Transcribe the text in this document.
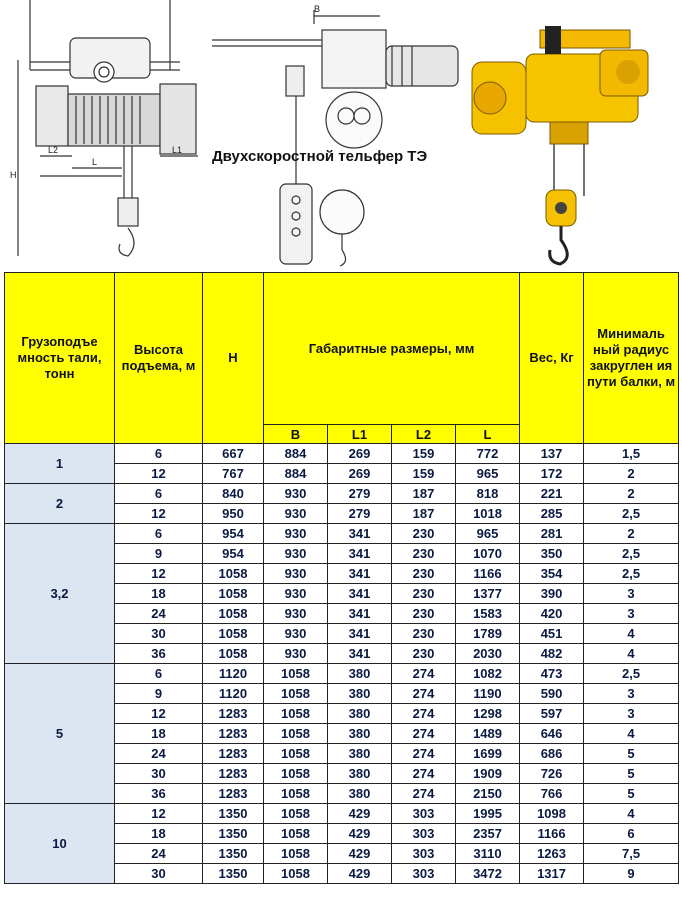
L2
L
L1
H
B
Двухскоростной тельфер ТЭ
Грузоподъе мность тали, тонн	Высота подъема, м	H	Габаритные размеры, мм				Вес, Кг	Минималь ный радиус закруглен ия пути балки, м
			B	L1	L2	L		
1	6	667	884	269	159	772	137	1,5
	12	767	884	269	159	965	172	2
2	6	840	930	279	187	818	221	2
	12	950	930	279	187	1018	285	2,5
3,2	6	954	930	341	230	965	281	2
	9	954	930	341	230	1070	350	2,5
	12	1058	930	341	230	1166	354	2,5
	18	1058	930	341	230	1377	390	3
	24	1058	930	341	230	1583	420	3
	30	1058	930	341	230	1789	451	4
	36	1058	930	341	230	2030	482	4
5	6	1120	1058	380	274	1082	473	2,5
	9	1120	1058	380	274	1190	590	3
	12	1283	1058	380	274	1298	597	3
	18	1283	1058	380	274	1489	646	4
	24	1283	1058	380	274	1699	686	5
	30	1283	1058	380	274	1909	726	5
	36	1283	1058	380	274	2150	766	5
10	12	1350	1058	429	303	1995	1098	4
	18	1350	1058	429	303	2357	1166	6
	24	1350	1058	429	303	3110	1263	7,5
	30	1350	1058	429	303	3472	1317	9
